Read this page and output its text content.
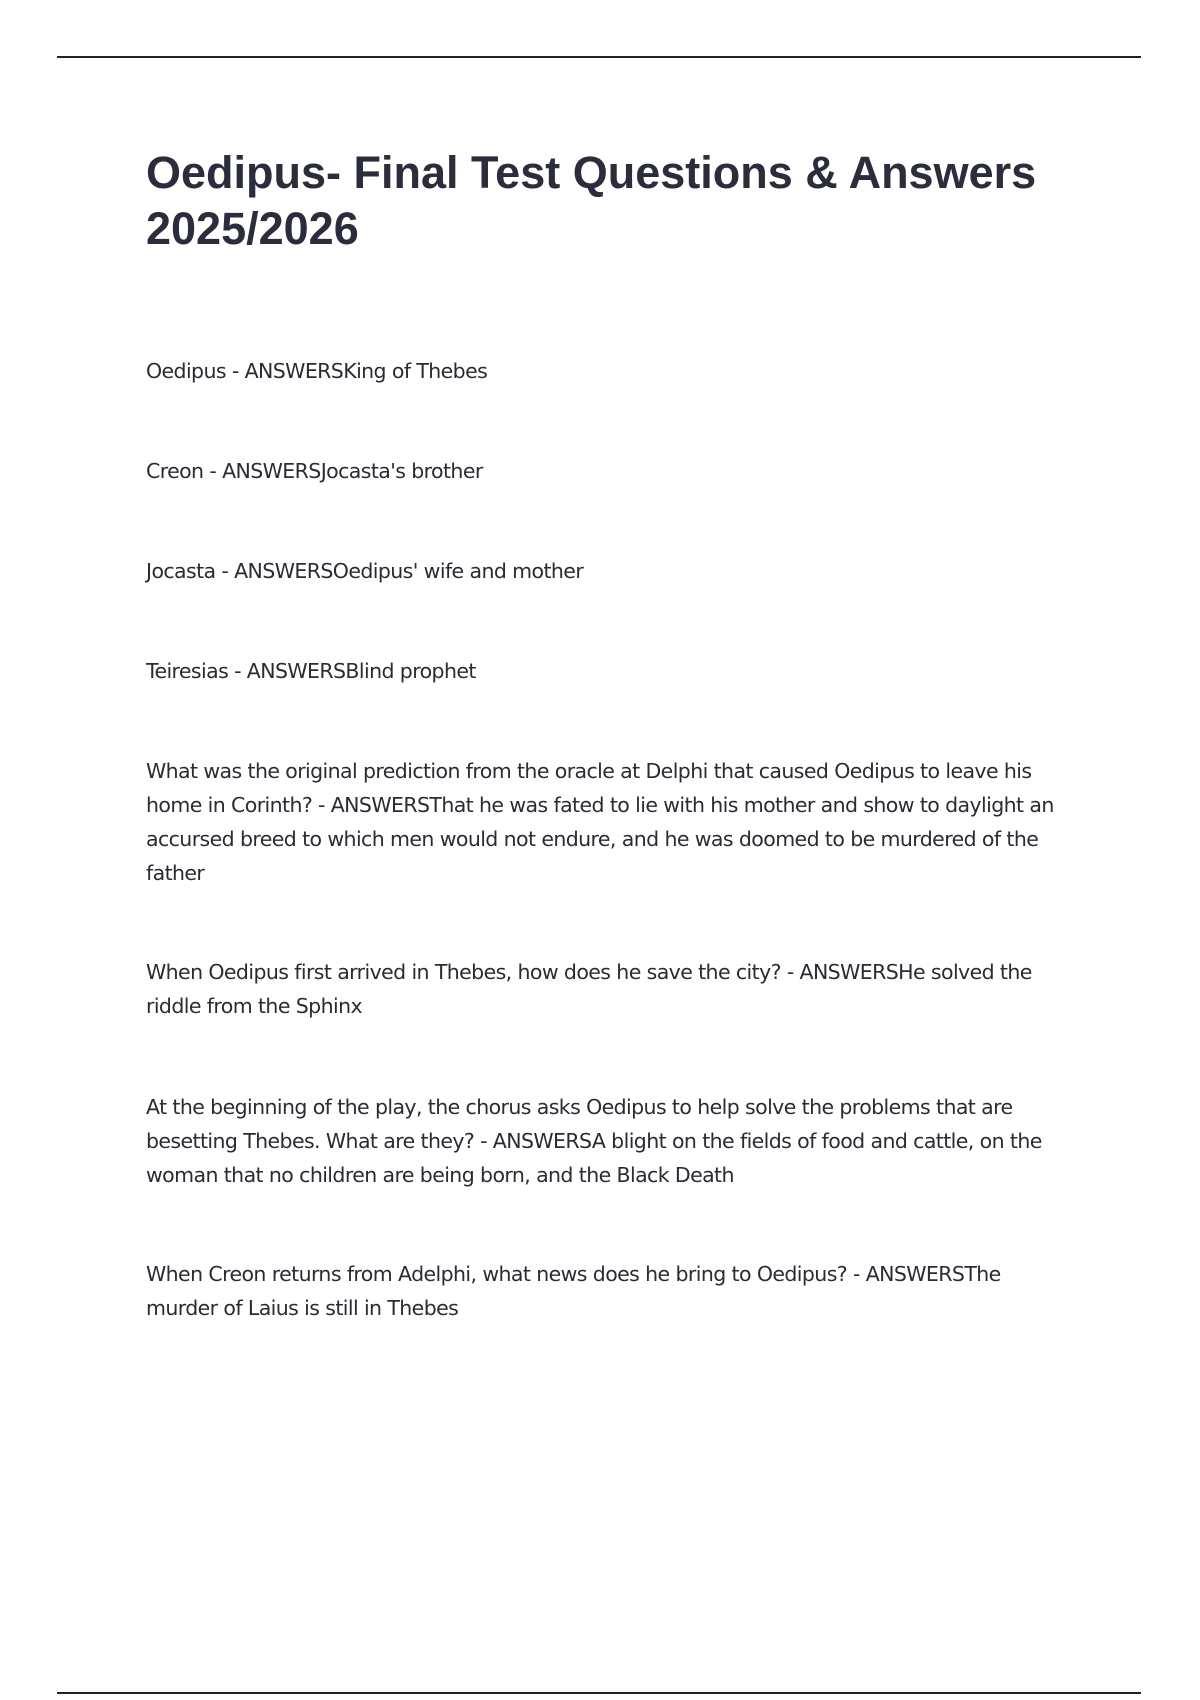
Oedipus- Final Test Questions & Answers 2025/2026

Oedipus - ANSWERSKing of Thebes

Creon - ANSWERSJocasta's brother

Jocasta - ANSWERSOedipus' wife and mother

Teiresias - ANSWERSBlind prophet

What was the original prediction from the oracle at Delphi that caused Oedipus to leave his home in Corinth? - ANSWERSThat he was fated to lie with his mother and show to daylight an accursed breed to which men would not endure, and he was doomed to be murdered of the father

When Oedipus first arrived in Thebes, how does he save the city? - ANSWERSHe solved the riddle from the Sphinx

At the beginning of the play, the chorus asks Oedipus to help solve the problems that are besetting Thebes. What are they? - ANSWERSA blight on the fields of food and cattle, on the woman that no children are being born, and the Black Death

When Creon returns from Adelphi, what news does he bring to Oedipus? - ANSWERSThe murder of Laius is still in Thebes
